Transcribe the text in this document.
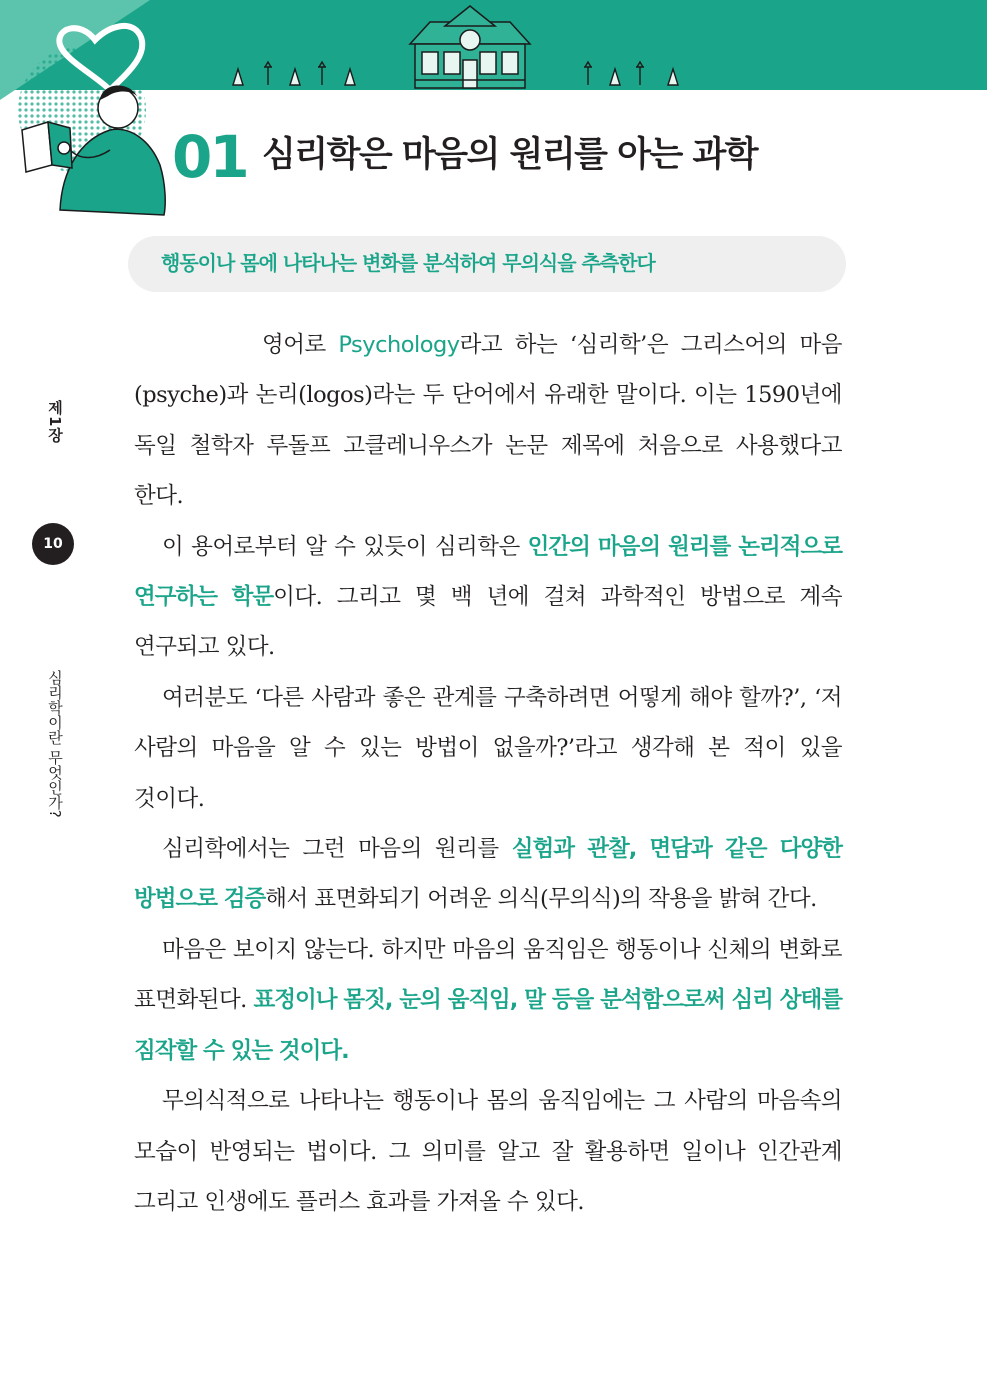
01 심리학은 마음의 원리를 아는 과학
행동이나 몸에 나타나는 변화를 분석하여 무의식을 추측한다
제1장
10
심리학이란 무엇인가?

영어로 Psychology라고 하는 ‘심리학’은 그리스어의 마음(psyche)과 논리(logos)라는 두 단어에서 유래한 말이다. 이는 1590년에 독일 철학자 루돌프 고클레니우스가 논문 제목에 처음으로 사용했다고 한다.

이 용어로부터 알 수 있듯이 심리학은 인간의 마음의 원리를 논리적으로 연구하는 학문이다. 그리고 몇 백 년에 걸쳐 과학적인 방법으로 계속 연구되고 있다.

여러분도 ‘다른 사람과 좋은 관계를 구축하려면 어떻게 해야 할까?’, ‘저 사람의 마음을 알 수 있는 방법이 없을까?’라고 생각해 본 적이 있을 것이다.

심리학에서는 그런 마음의 원리를 실험과 관찰, 면담과 같은 다양한 방법으로 검증해서 표면화되기 어려운 의식(무의식)의 작용을 밝혀 간다.

마음은 보이지 않는다. 하지만 마음의 움직임은 행동이나 신체의 변화로 표면화된다. 표정이나 몸짓, 눈의 움직임, 말 등을 분석함으로써 심리 상태를 짐작할 수 있는 것이다.

무의식적으로 나타나는 행동이나 몸의 움직임에는 그 사람의 마음속의 모습이 반영되는 법이다. 그 의미를 알고 잘 활용하면 일이나 인간관계 그리고 인생에도 플러스 효과를 가져올 수 있다.
